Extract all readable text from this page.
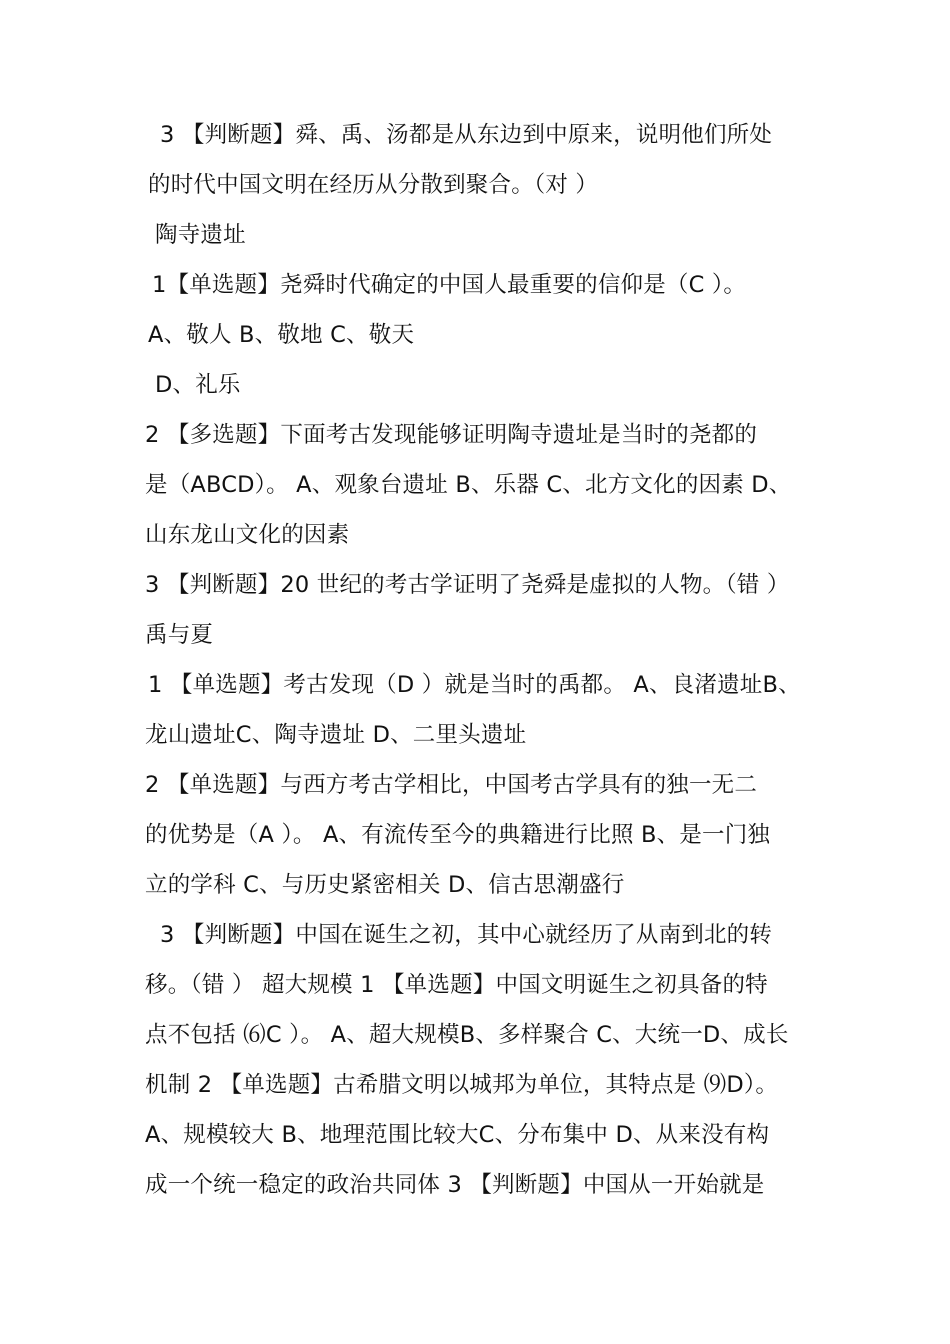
3 【判断题】舜、禹、汤都是从东边到中原来，说明他们所处
的时代中国文明在经历从分散到聚合。（对 ）
陶寺遗址
1【单选题】尧舜时代确定的中国人最重要的信仰是（C ）。
A、敬人 B、敬地 C、敬天
D、礼乐
2 【多选题】下面考古发现能够证明陶寺遗址是当时的尧都的
是（ABCD）。 A、观象台遗址 B、乐器 C、北方文化的因素 D、
山东龙山文化的因素
3 【判断题】20 世纪的考古学证明了尧舜是虚拟的人物。（错 ）
禹与夏
1 【单选题】考古发现（D ）就是当时的禹都。 A、良渚遗址B、
龙山遗址C、陶寺遗址 D、二里头遗址
2 【单选题】与西方考古学相比，中国考古学具有的独一无二
的优势是（A ）。 A、有流传至今的典籍进行比照 B、是一门独
立的学科 C、与历史紧密相关 D、信古思潮盛行
3 【判断题】中国在诞生之初，其中心就经历了从南到北的转
移。（错 ） 超大规模 1 【单选题】中国文明诞生之初具备的特
点不包括 ⑹C ）。 A、超大规模B、多样聚合 C、大统一D、成长
机制 2 【单选题】古希腊文明以城邦为单位，其特点是 ⑼D）。
A、规模较大 B、地理范围比较大C、分布集中 D、从来没有构
成一个统一稳定的政治共同体 3 【判断题】中国从一开始就是
